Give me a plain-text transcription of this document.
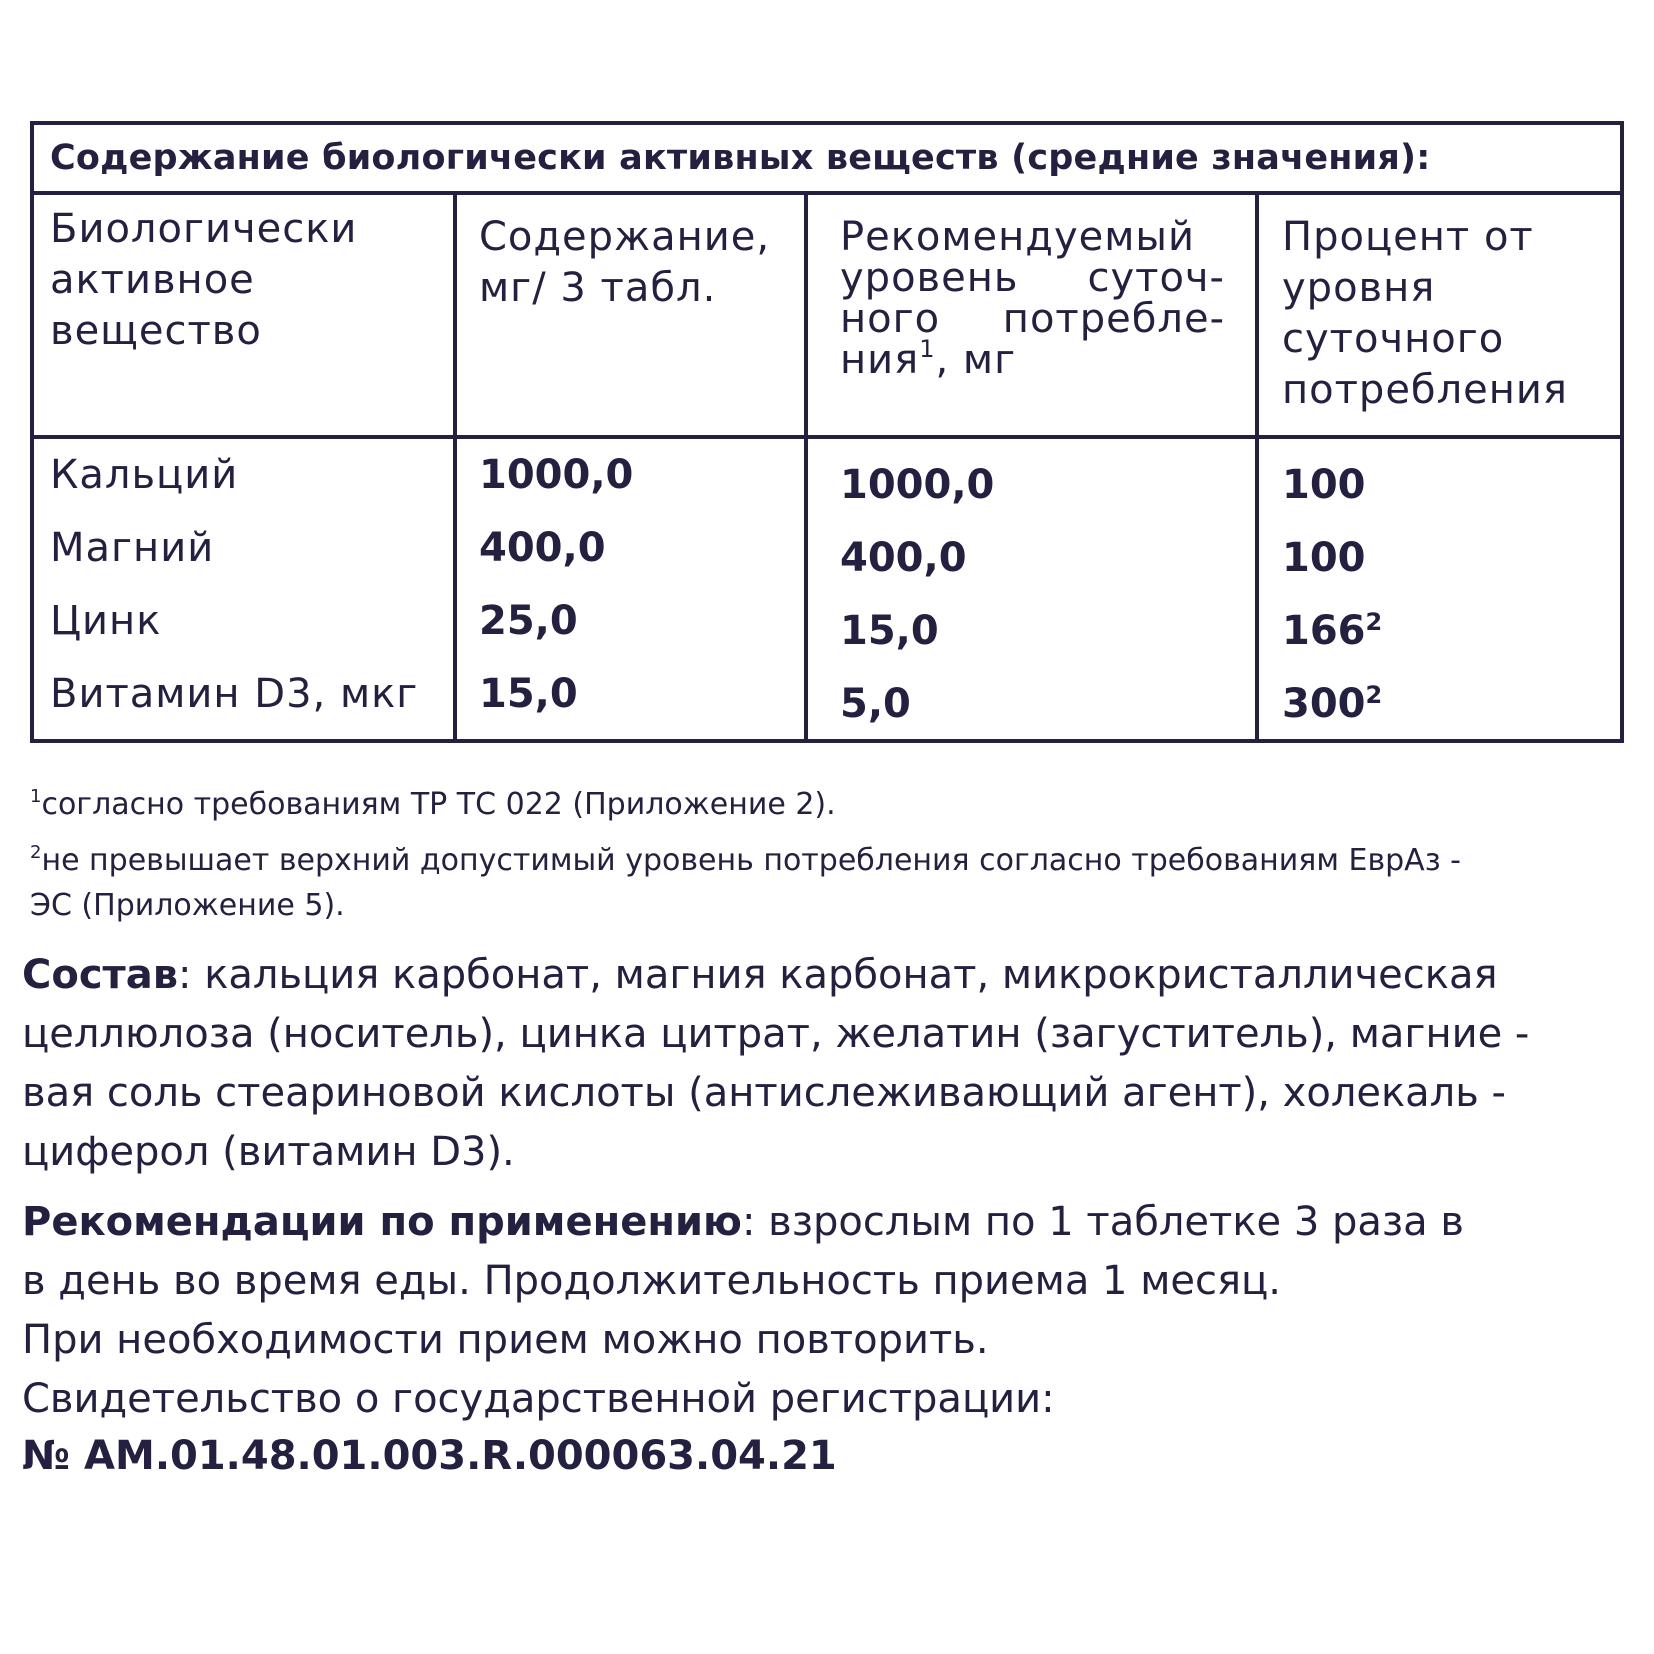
Содержание биологически активных веществ (средние значения):
Биологически
активное
вещество
Содержание,
мг/ 3 табл.
Рекомендуемый
уровень суточ-
ного потребле-
ния$^1$, мг
Процент от
уровня
суточного
потребления
Кальций
Магний
Цинк
Витамин D3, мкг
1000,0
400,0
25,0
15,0
1000,0
400,0
15,0
5,0
100
100
$166^2$
$300^2$
$^1$согласно требованиям ТР ТС 022 (Приложение 2).
$^2$не превышает верхний допустимый уровень потребления согласно требованиям ЕврАз -
ЭС (Приложение 5).
Состав: кальция карбонат, магния карбонат, микрокристаллическая
целлюлоза (носитель), цинка цитрат, желатин (загуститель), магние -
вая соль стеариновой кислоты (антислеживающий агент), холекаль -
циферол (витамин D3).
Рекомендации по применению: взрослым по 1 таблетке 3 раза в
в день во время еды. Продолжительность приема 1 месяц.
При необходимости прием можно повторить.
Свидетельство о государственной регистрации:
№ AM.01.48.01.003.R.000063.04.21
